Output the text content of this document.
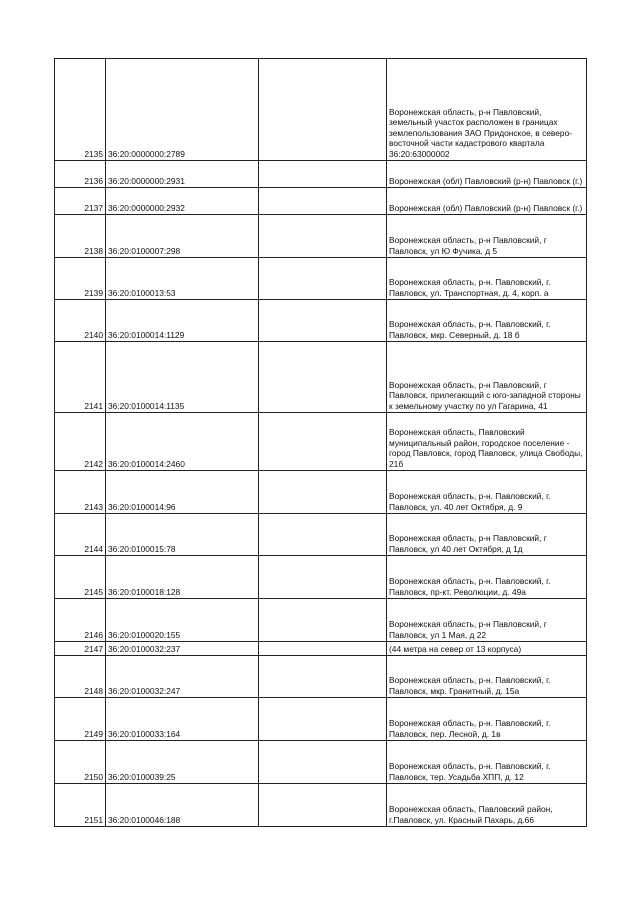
2135	36:20:0000000:2789		Воронежская область, р-н Павловский, земельный участок расположен в границах землепользования ЗАО Придонское, в северо-восточной части кадастрового квартала 36:20:63000002
2136	36:20:0000000:2931		Воронежская (обл) Павловский (р-н) Павловск (г.)
2137	36:20:0000000:2932		Воронежская (обл) Павловский (р-н) Павловск (г.)
2138	36:20:0100007:298		Воронежская область, р-н Павловский, г Павловск, ул Ю Фучика, д 5
2139	36:20:0100013:53		Воронежская область, р-н. Павловский, г. Павловск, ул. Транспортная, д. 4, корп. а
2140	36:20:0100014:1129		Воронежская область, р-н. Павловский, г. Павловск, мкр. Северный, д. 18 б
2141	36:20:0100014:1135		Воронежская область, р-н Павловский, г Павловск, прилегающий с юго-западной стороны к земельному участку по ул Гагарина, 41
2142	36:20:0100014:2460		Воронежская область, Павловский муниципальный район, городское поселение - город Павловск, город Павловск, улица Свободы, 21б
2143	36:20:0100014:96		Воронежская область, р-н. Павловский, г. Павловск, ул. 40 лет Октября, д. 9
2144	36:20:0100015:78		Воронежская область, р-н Павловский, г Павловск, ул 40 лет Октября, д 1д
2145	36:20:0100018:128		Воронежская область, р-н. Павловский, г. Павловск, пр-кт. Революции, д. 49а
2146	36:20:0100020:155		Воронежская область, р-н Павловский, г Павловск, ул 1 Мая, д 22
2147	36:20:0100032:237		(44 метра на север от 13 корпуса)
2148	36:20:0100032:247		Воронежская область, р-н. Павловский, г. Павловск, мкр. Гранитный, д. 15а
2149	36:20:0100033:164		Воронежская область, р-н. Павловский, г. Павловск, пер. Лесной, д. 1в
2150	36:20:0100039:25		Воронежская область, р-н. Павловский, г. Павловск, тер. Усадьба ХПП, д. 12
2151	36:20:0100046:188		Воронежская область, Павловский район, г.Павловск, ул. Красный Пахарь, д.66
